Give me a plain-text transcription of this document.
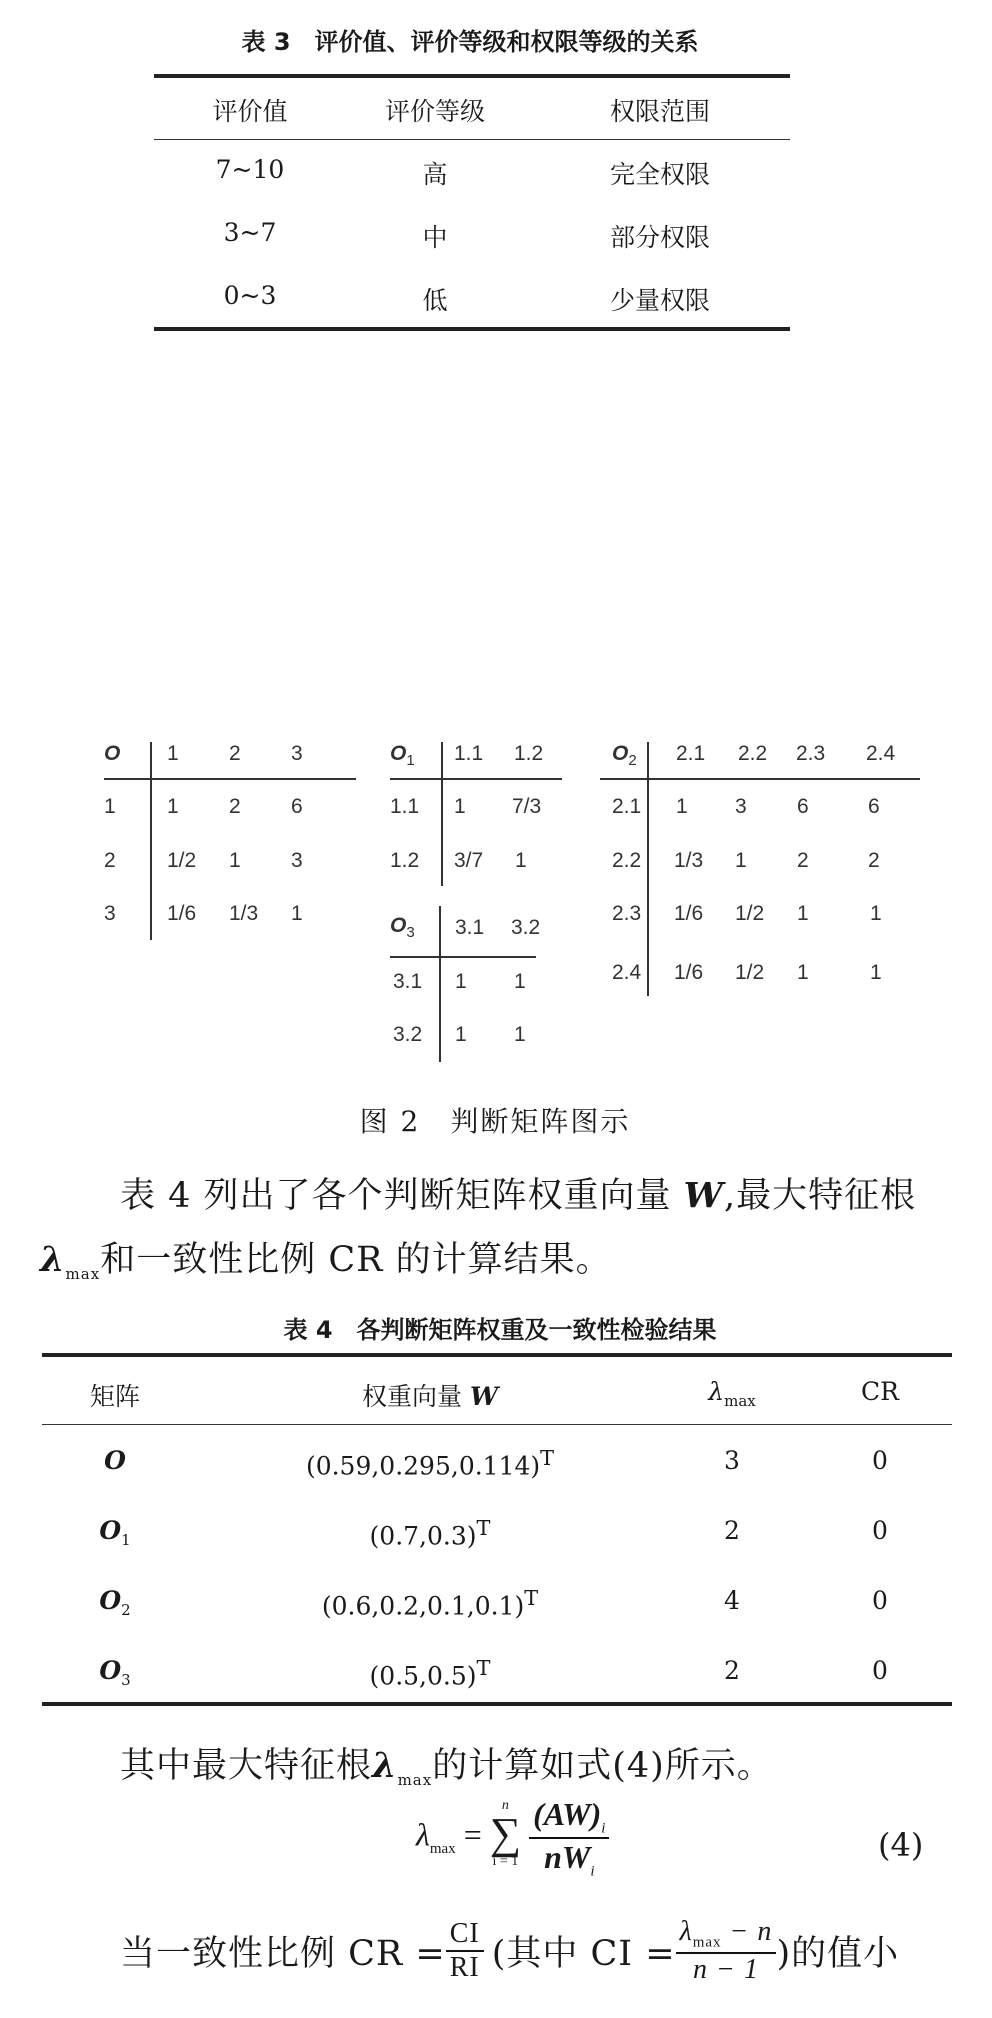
表 3　评价值、评价等级和权限等级的关系
评价值	评价等级	权限范围
7~10	高	完全权限
3~7	中	部分权限
0~3	低	少量权限
O 1 2 3
1 1 2 6
2 1/2 1 3
3 1/6 1/3 1
$O_1$ 1.1 1.2
1.1 1 7/3
1.2 3/7 1
$O_3$ 3.1 3.2
3.1 1 1
3.2 1 1
$O_2$ 2.1 2.2 2.3 2.4
2.1 1 3 6	6
2.2 1/3 1 2	2
2.3 1/6 1/2 1	1
2.4 1/6 1/2 1	1
图 2　判断矩阵图示
表 4 列出了各个判断矩阵权重向量 W,最大特征根
$\lambda_{max}$和一致性比例 CR 的计算结果。
表 4　各判断矩阵权重及一致性检验结果
矩阵	权重向量 W	$\lambda_{max}$	CR
O	$(0.59,0.295,0.114)^T$	3	0
$O_1$	$(0.7,0.3)^T$	2	0
$O_2$	$(0.6,0.2,0.1,0.1)^T$	4	0
$O_3$	$(0.5,0.5)^T$	2	0
其中最大特征根$\lambda_{max}$的计算如式(4)所示。
$\lambda_{max}$ =
n
∑
i = 1
$\frac{(AW)_i}{nW_i}$	(4)
当一致性比例 CR = $\frac{CI}{RI}$ (其中 CI = $\frac{\lambda_{max} - n}{n - 1}$ )的值小
